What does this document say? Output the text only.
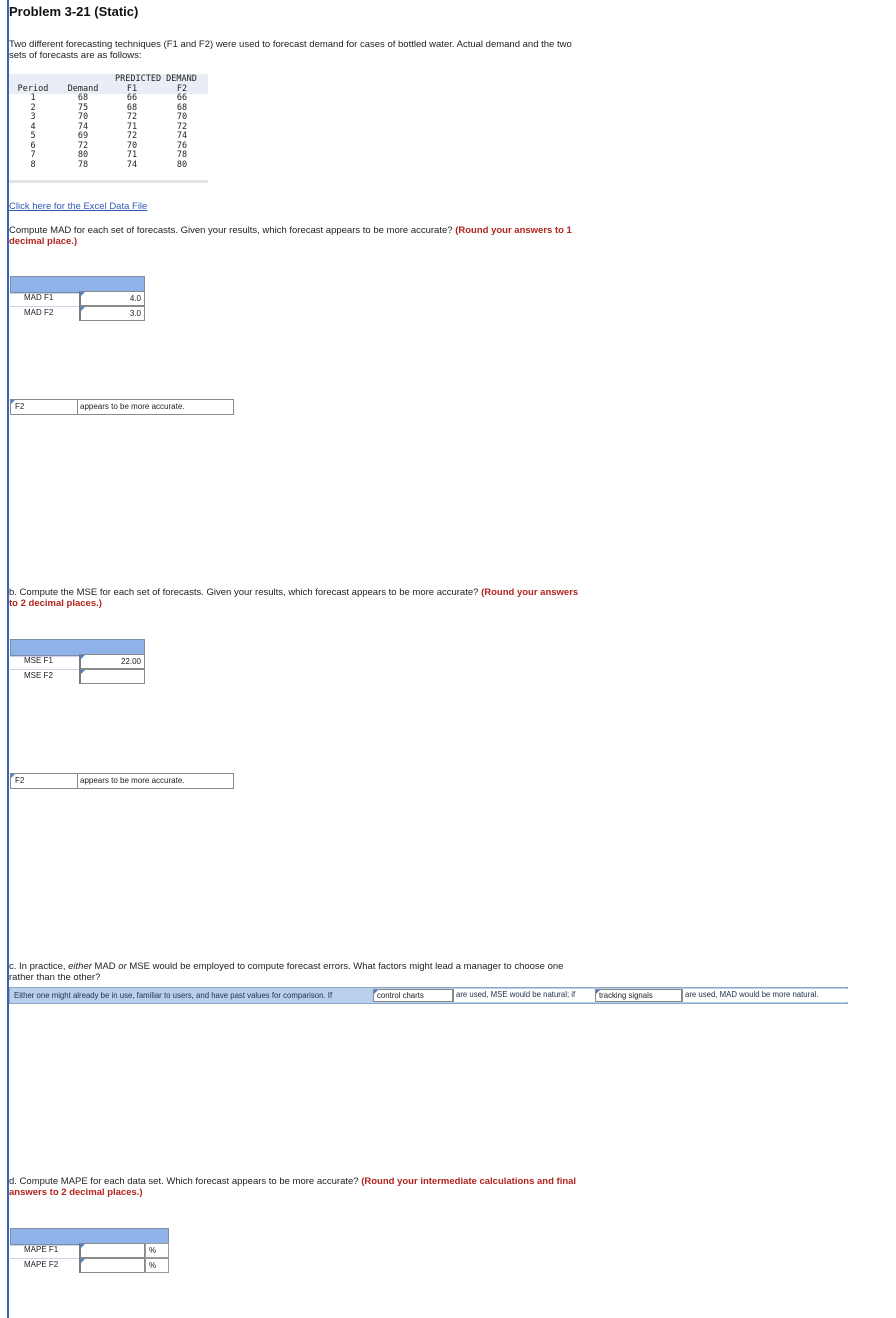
Problem 3-21 (Static)
Two different forecasting techniques (F1 and F2) were used to forecast demand for cases of bottled water. Actual demand and the two
sets of forecasts are as follows:
PREDICTED DEMAND
Period	Demand	F1	F2
1	68	66	66
2	75	68	68
3	70	72	70
4	74	71	72
5	69	72	74
6	72	70	76
7	80	71	78
8	78	74	80
Click here for the Excel Data File
Compute MAD for each set of forecasts. Given your results, which forecast appears to be more accurate? (Round your answers to 1
decimal place.)
MAD F1	4.0
MAD F2	3.0
F2	appears to be more accurate.
b. Compute the MSE for each set of forecasts. Given your results, which forecast appears to be more accurate? (Round your answers
to 2 decimal places.)
MSE F1	22.00
MSE F2
F2	appears to be more accurate.
c. In practice, either MAD or MSE would be employed to compute forecast errors. What factors might lead a manager to choose one
rather than the other?
Either one might already be in use, familiar to users, and have past values for comparison. If	control charts	are used, MSE would be natural; if	tracking signals	are used, MAD would be more natural.
d. Compute MAPE for each data set. Which forecast appears to be more accurate? (Round your intermediate calculations and final
answers to 2 decimal places.)
MAPE F1	%
MAPE F2	%
